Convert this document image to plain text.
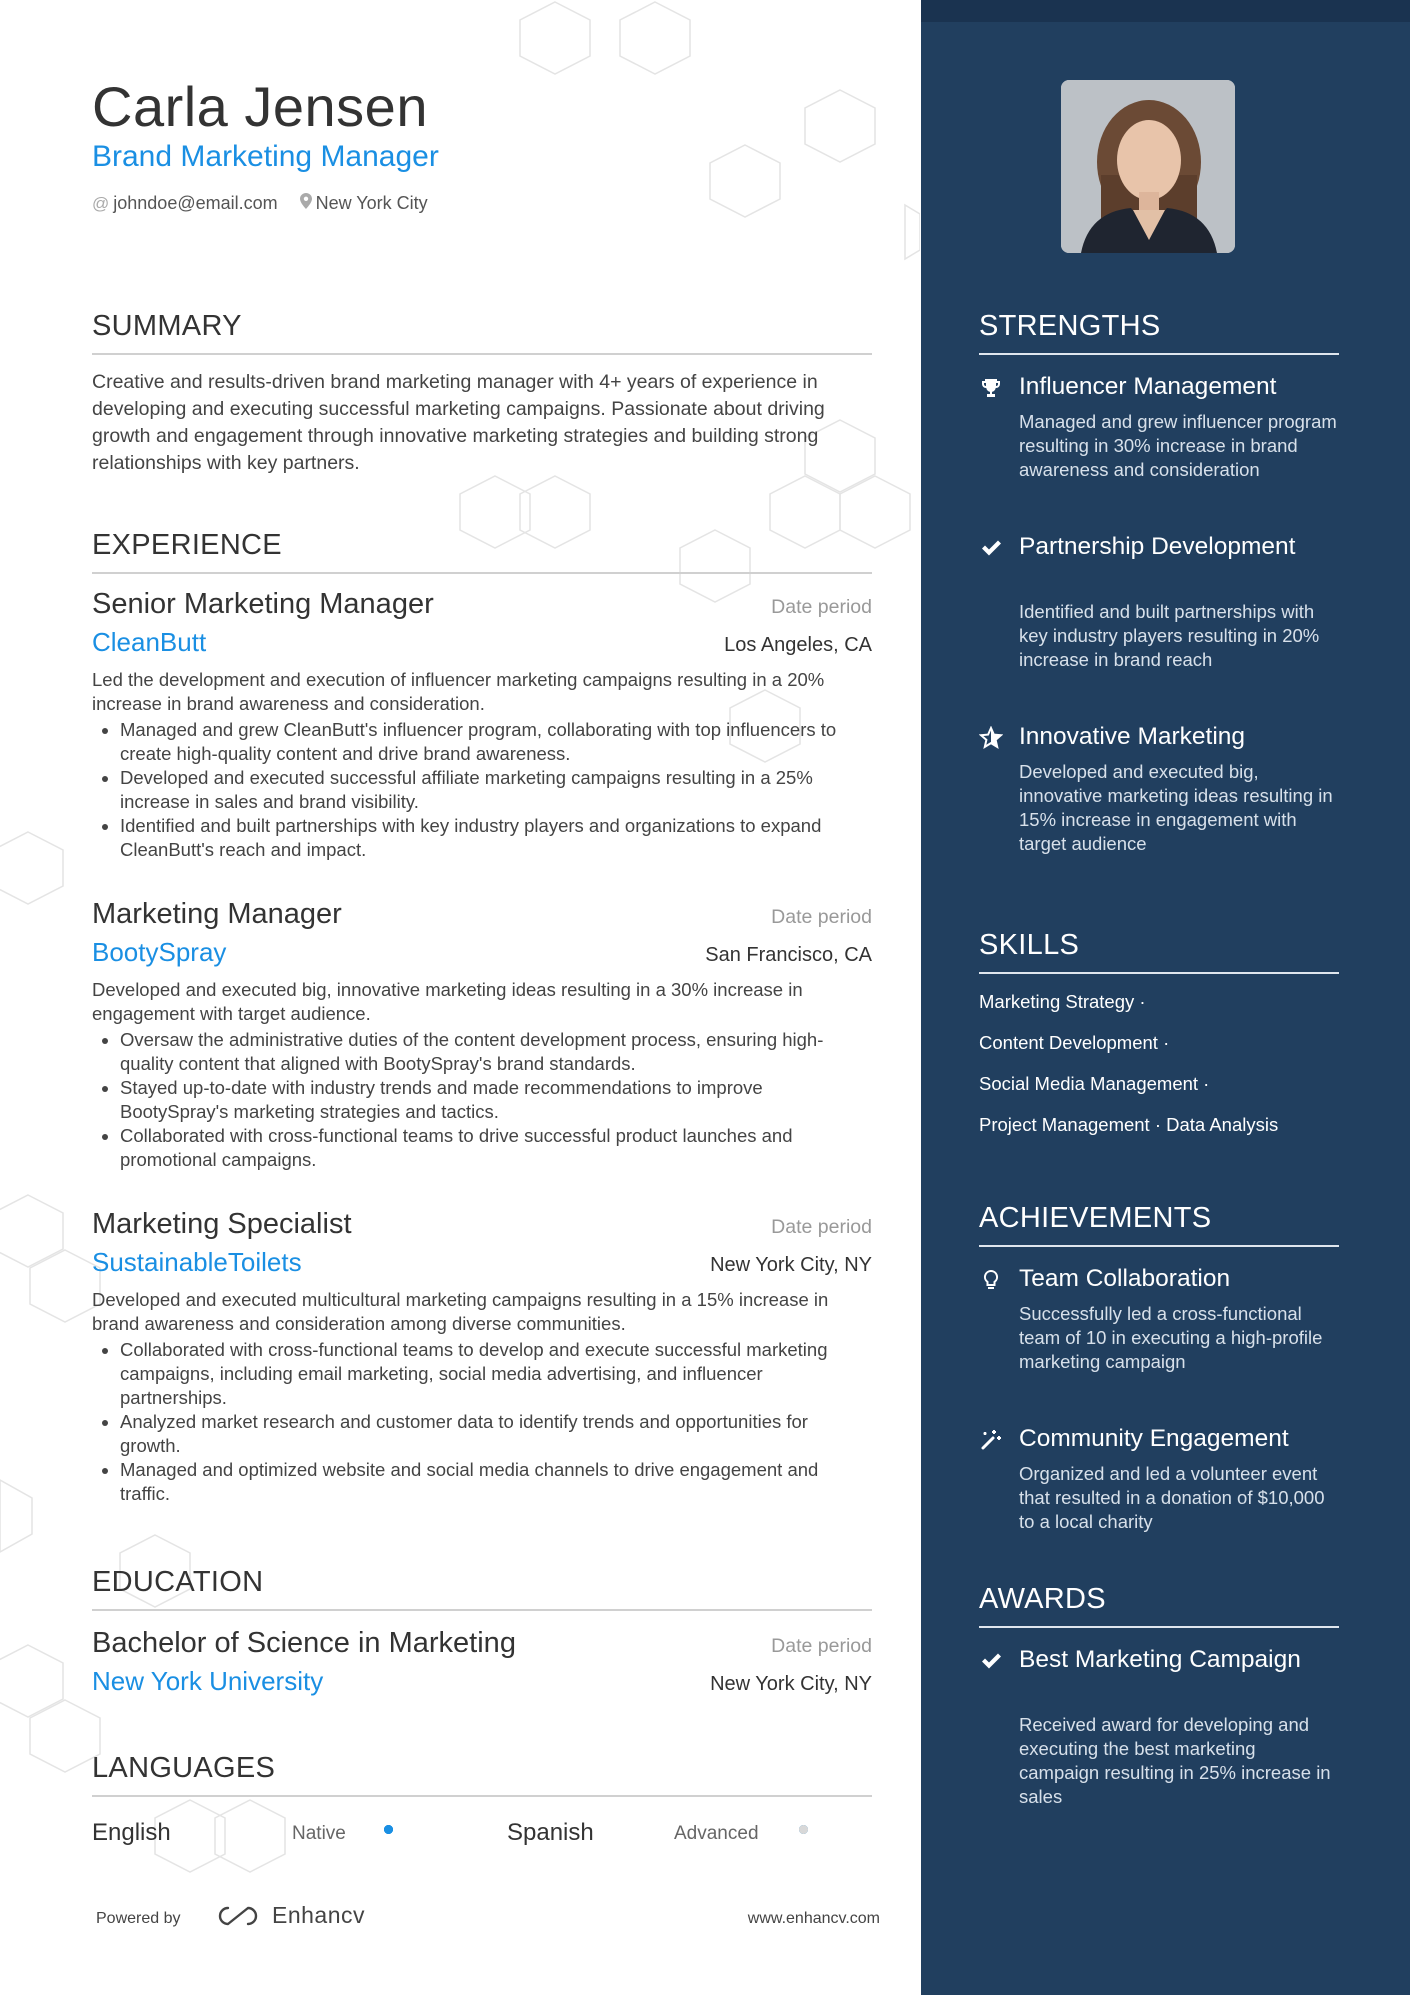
Carla Jensen
Brand Marketing Manager
@ johndoe@email.com New York City
SUMMARY
Creative and results-driven brand marketing manager with 4+ years of experience in developing and executing successful marketing campaigns. Passionate about driving growth and engagement through innovative marketing strategies and building strong relationships with key partners.
EXPERIENCE
Senior Marketing Manager	Date period
CleanButt	Los Angeles, CA
Led the development and execution of influencer marketing campaigns resulting in a 20% increase in brand awareness and consideration.
• Managed and grew CleanButt's influencer program, collaborating with top influencers to create high-quality content and drive brand awareness.
• Developed and executed successful affiliate marketing campaigns resulting in a 25% increase in sales and brand visibility.
• Identified and built partnerships with key industry players and organizations to expand CleanButt's reach and impact.
Marketing Manager	Date period
BootySpray	San Francisco, CA
Developed and executed big, innovative marketing ideas resulting in a 30% increase in engagement with target audience.
• Oversaw the administrative duties of the content development process, ensuring high-quality content that aligned with BootySpray's brand standards.
• Stayed up-to-date with industry trends and made recommendations to improve BootySpray's marketing strategies and tactics.
• Collaborated with cross-functional teams to drive successful product launches and promotional campaigns.
Marketing Specialist	Date period
SustainableToilets	New York City, NY
Developed and executed multicultural marketing campaigns resulting in a 15% increase in brand awareness and consideration among diverse communities.
• Collaborated with cross-functional teams to develop and execute successful marketing campaigns, including email marketing, social media advertising, and influencer partnerships.
• Analyzed market research and customer data to identify trends and opportunities for growth.
• Managed and optimized website and social media channels to drive engagement and traffic.
EDUCATION
Bachelor of Science in Marketing	Date period
New York University	New York City, NY
LANGUAGES
English	Native	Spanish	Advanced
Powered by	Enhancv	www.enhancv.com
STRENGTHS
Influencer Management
Managed and grew influencer program resulting in 30% increase in brand awareness and consideration
Partnership Development
Identified and built partnerships with key industry players resulting in 20% increase in brand reach
Innovative Marketing
Developed and executed big, innovative marketing ideas resulting in 15% increase in engagement with target audience
SKILLS
Marketing Strategy ·
Content Development ·
Social Media Management ·
Project Management · Data Analysis
ACHIEVEMENTS
Team Collaboration
Successfully led a cross-functional team of 10 in executing a high-profile marketing campaign
Community Engagement
Organized and led a volunteer event that resulted in a donation of $10,000 to a local charity
AWARDS
Best Marketing Campaign
Received award for developing and executing the best marketing campaign resulting in 25% increase in sales
